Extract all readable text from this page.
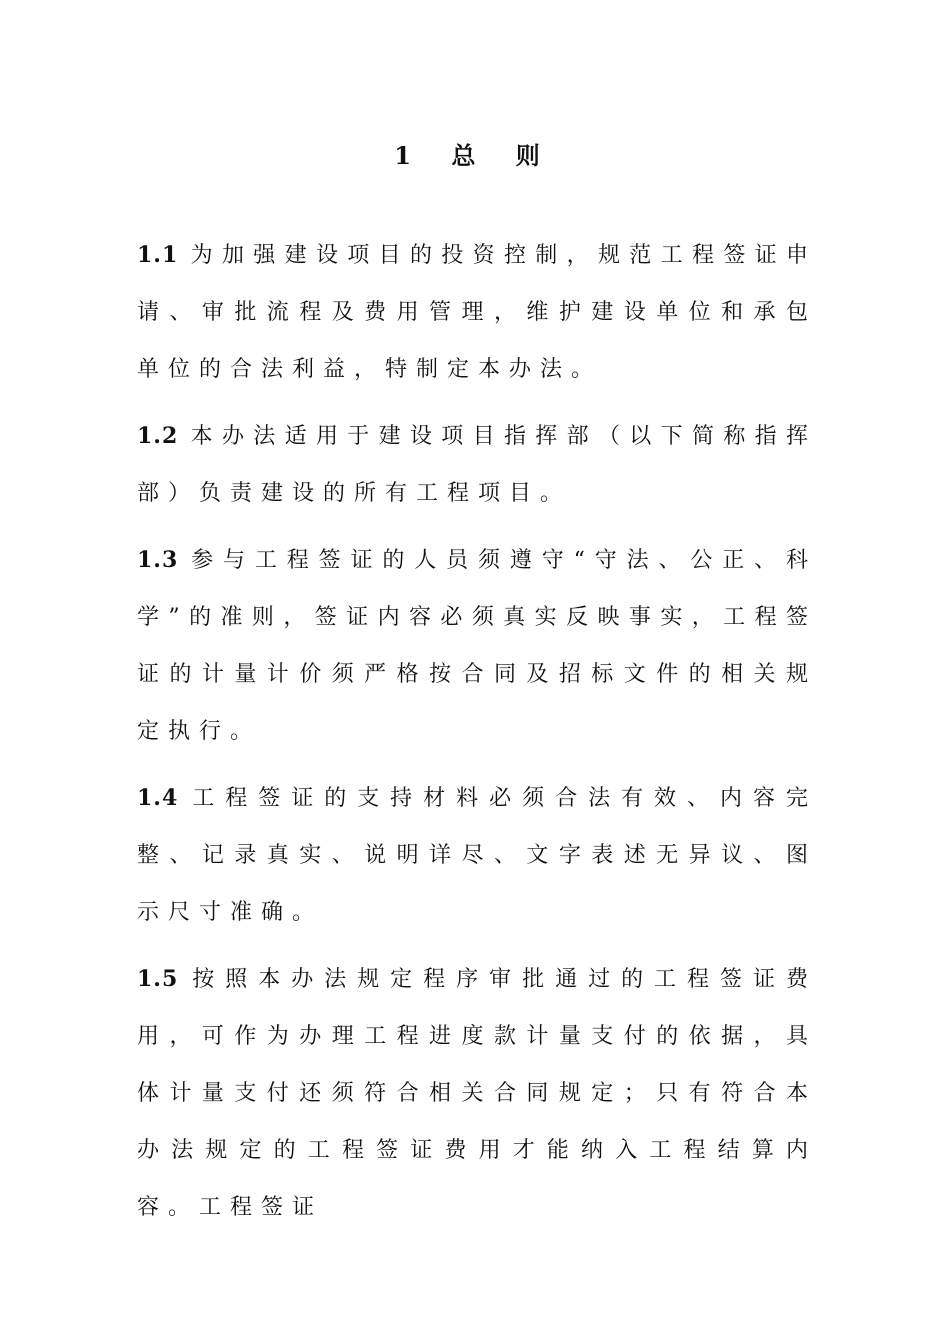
1 总 则

1.1 为加强建设项目的投资控制，规范工程签证申请、审批流程及费用管理，维护建设单位和承包单位的合法利益，特制定本办法。

1.2 本办法适用于建设项目指挥部（以下简称指挥部）负责建设的所有工程项目。

1.3 参与工程签证的人员须遵守“守法、公正、科学”的准则，签证内容必须真实反映事实，工程签证的计量计价须严格按合同及招标文件的相关规定执行。

1.4 工程签证的支持材料必须合法有效、内容完整、记录真实、说明详尽、文字表述无异议、图示尺寸准确。

1.5 按照本办法规定程序审批通过的工程签证费用，可作为办理工程进度款计量支付的依据，具体计量支付还须符合相关合同规定；只有符合本办法规定的工程签证费用才能纳入工程结算内容。工程签证
